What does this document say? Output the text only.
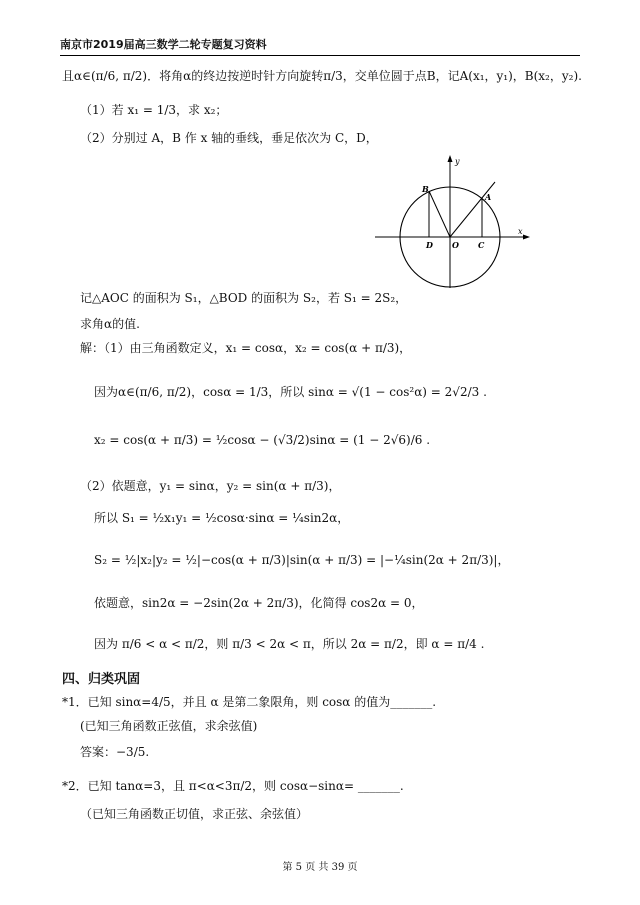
南京市2019届高三数学二轮专题复习资料
且α∈(π/6, π/2)．将角α的终边按逆时针方向旋转π/3，交单位圆于点B，记A(x₁，y₁)，B(x₂，y₂).
（1）若 x₁ = 1/3，求 x₂；
（2）分别过 A，B 作 x 轴的垂线，垂足依次为 C，D，
y
x
A
B
C
D O
记△AOC 的面积为 S₁，△BOD 的面积为 S₂，若 S₁ = 2S₂，
求角α的值.
解：（1）由三角函数定义，x₁ = cosα，x₂ = cos(α + π/3)，
因为α∈(π/6, π/2)，cosα = 1/3，所以 sinα = √(1 − cos²α) = 2√2/3 .
x₂ = cos(α + π/3) = ½cosα − (√3/2)sinα = (1 − 2√6)/6 .
（2）依题意，y₁ = sinα，y₂ = sin(α + π/3)，
所以 S₁ = ½x₁y₁ = ½cosα·sinα = ¼sin2α，
S₂ = ½|x₂|y₂ = ½|−cos(α + π/3)|sin(α + π/3) = |−¼sin(2α + 2π/3)|，
依题意，sin2α = −2sin(2α + 2π/3)，化简得 cos2α = 0，
因为 π/6 < α < π/2，则 π/3 < 2α < π，所以 2α = π/2，即 α = π/4 .
四、归类巩固
*1．已知 sinα=4/5，并且 α 是第二象限角，则 cosα 的值为_______.
(已知三角函数正弦值，求余弦值)
答案：−3/5.
*2．已知 tanα=3，且 π<α<3π/2，则 cosα−sinα= _______.
（已知三角函数正切值，求正弦、余弦值）
第 5 页 共 39 页
